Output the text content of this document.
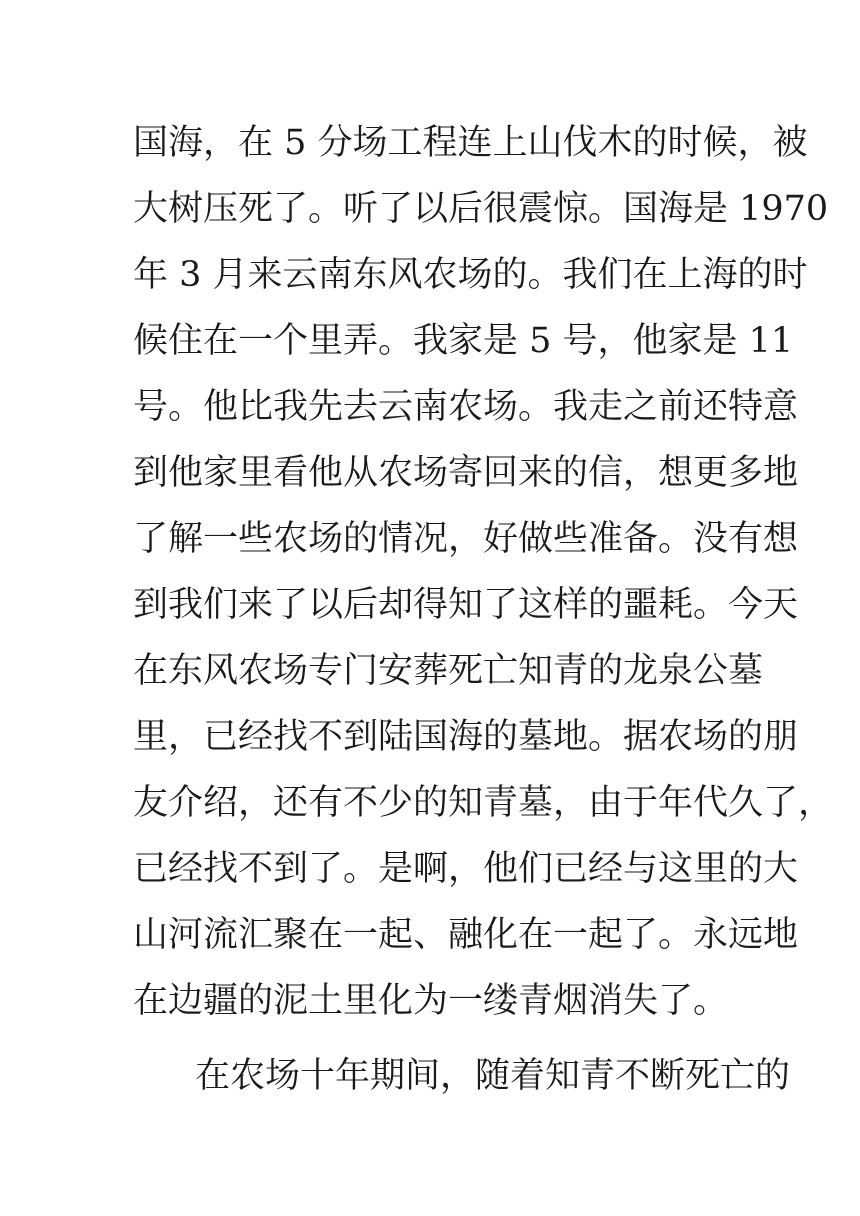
国海，在 5 分场工程连上山伐木的时候，被
大树压死了。听了以后很震惊。国海是 1970
年 3 月来云南东风农场的。我们在上海的时
候住在一个里弄。我家是 5 号，他家是 11
号。他比我先去云南农场。我走之前还特意
到他家里看他从农场寄回来的信，想更多地
了解一些农场的情况，好做些准备。没有想
到我们来了以后却得知了这样的噩耗。今天
在东风农场专门安葬死亡知青的龙泉公墓
里，已经找不到陆国海的墓地。据农场的朋
友介绍，还有不少的知青墓，由于年代久了，
已经找不到了。是啊，他们已经与这里的大
山河流汇聚在一起、融化在一起了。永远地
在边疆的泥土里化为一缕青烟消失了。
在农场十年期间，随着知青不断死亡的
